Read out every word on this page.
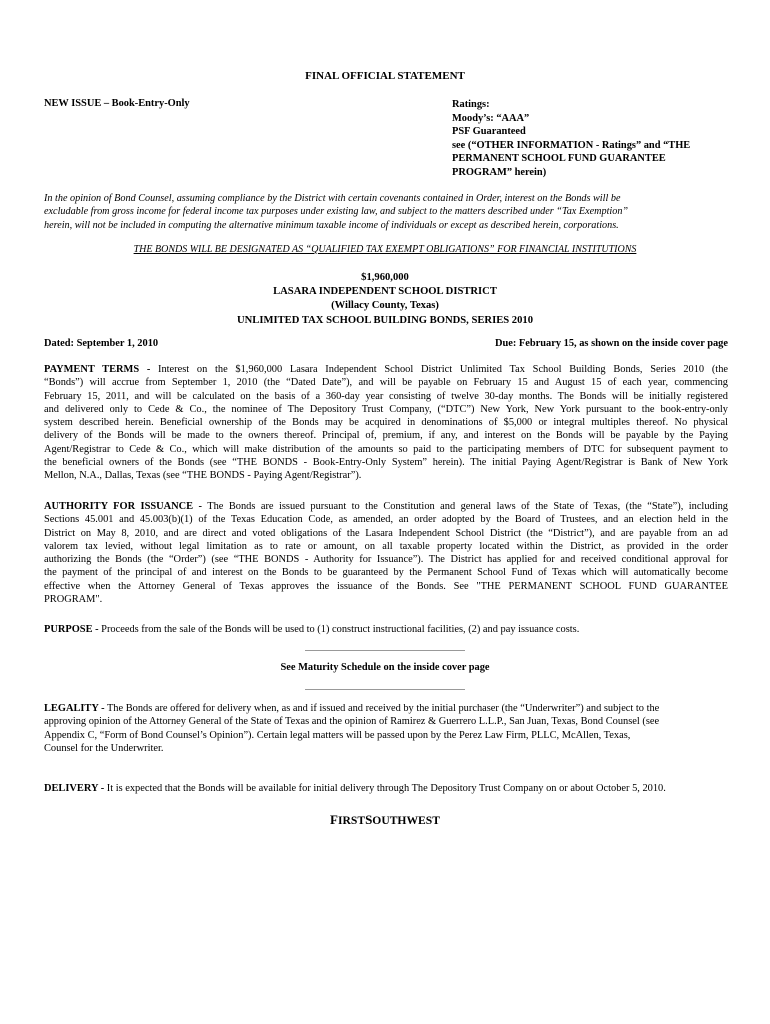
FINAL OFFICIAL STATEMENT
NEW ISSUE – Book-Entry-Only	Ratings:
Moody’s: “AAA”
PSF Guaranteed
see (“OTHER INFORMATION - Ratings” and “THE
PERMANENT SCHOOL FUND GUARANTEE
PROGRAM” herein)
In the opinion of Bond Counsel, assuming compliance by the District with certain covenants contained in Order, interest on the Bonds will be
excludable from gross income for federal income tax purposes under existing law, and subject to the matters described under “Tax Exemption”
herein, will not be included in computing the alternative minimum taxable income of individuals or except as described herein, corporations.
THE BONDS WILL BE DESIGNATED AS “QUALIFIED TAX EXEMPT OBLIGATIONS” FOR FINANCIAL INSTITUTIONS
$1,960,000
LASARA INDEPENDENT SCHOOL DISTRICT
(Willacy County, Texas)
UNLIMITED TAX SCHOOL BUILDING BONDS, SERIES 2010
Dated: September 1, 2010	Due: February 15, as shown on the inside cover page
PAYMENT TERMS - Interest on the $1,960,000 Lasara Independent School District Unlimited Tax School Building Bonds, Series 2010 (the
“Bonds”) will accrue from September 1, 2010 (the “Dated Date”), and will be payable on February 15 and August 15 of each year, commencing
February 15, 2011, and will be calculated on the basis of a 360-day year consisting of twelve 30-day months. The Bonds will be initially registered
and delivered only to Cede & Co., the nominee of The Depository Trust Company, (“DTC”) New York, New York pursuant to the book-entry-only
system described herein. Beneficial ownership of the Bonds may be acquired in denominations of $5,000 or integral multiples thereof. No physical
delivery of the Bonds will be made to the owners thereof. Principal of, premium, if any, and interest on the Bonds will be payable by the Paying
Agent/Registrar to Cede & Co., which will make distribution of the amounts so paid to the participating members of DTC for subsequent payment to
the beneficial owners of the Bonds (see “THE BONDS - Book-Entry-Only System” herein). The initial Paying Agent/Registrar is Bank of New York
Mellon, N.A., Dallas, Texas (see “THE BONDS - Paying Agent/Registrar”).
AUTHORITY FOR ISSUANCE - The Bonds are issued pursuant to the Constitution and general laws of the State of Texas, (the “State”), including
Sections 45.001 and 45.003(b)(1) of the Texas Education Code, as amended, an order adopted by the Board of Trustees, and an election held in the
District on May 8, 2010, and are direct and voted obligations of the Lasara Independent School District (the “District”), and are payable from an ad
valorem tax levied, without legal limitation as to rate or amount, on all taxable property located within the District, as provided in the order
authorizing the Bonds (the “Order”) (see “THE BONDS - Authority for Issuance”). The District has applied for and received conditional approval for
the payment of the principal of and interest on the Bonds to be guaranteed by the Permanent School Fund of Texas which will automatically become
effective when the Attorney General of Texas approves the issuance of the Bonds. See "THE PERMANENT SCHOOL FUND GUARANTEE
PROGRAM".
PURPOSE - Proceeds from the sale of the Bonds will be used to (1) construct instructional facilities, (2) and pay issuance costs.
See Maturity Schedule on the inside cover page
LEGALITY - The Bonds are offered for delivery when, as and if issued and received by the initial purchaser (the “Underwriter”) and subject to the
approving opinion of the Attorney General of the State of Texas and the opinion of Ramirez & Guerrero L.L.P., San Juan, Texas, Bond Counsel (see
Appendix C, “Form of Bond Counsel’s Opinion”). Certain legal matters will be passed upon by the Perez Law Firm, PLLC, McAllen, Texas,
Counsel for the Underwriter.
DELIVERY - It is expected that the Bonds will be available for initial delivery through The Depository Trust Company on or about October 5, 2010.
FIRSTSOUTHWEST
